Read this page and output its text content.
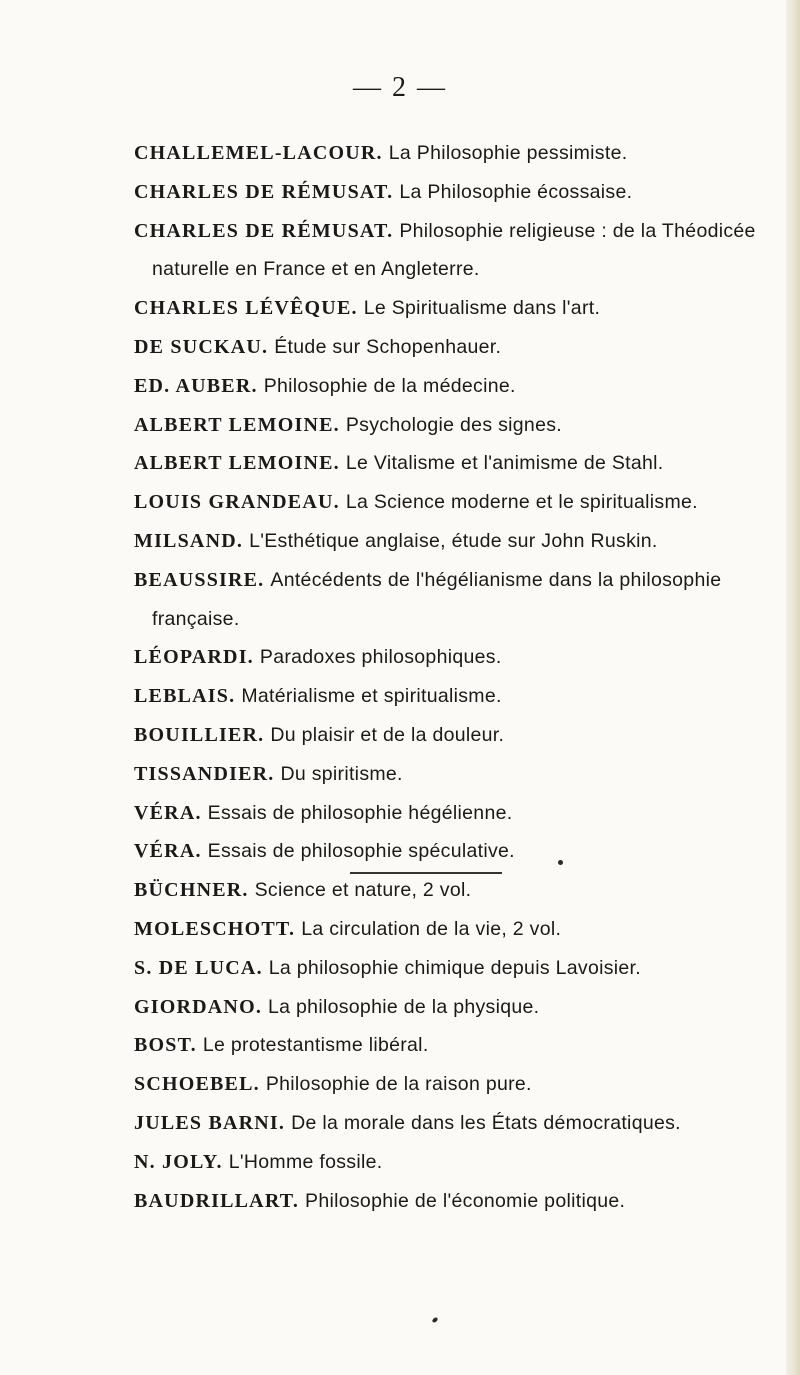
— 2 —
CHALLEMEL-LACOUR. La Philosophie pessimiste.
CHARLES DE RÉMUSAT. La Philosophie écossaise.
CHARLES DE RÉMUSAT. Philosophie religieuse : de la Théodicée naturelle en France et en Angleterre.
CHARLES LÉVÊQUE. Le Spiritualisme dans l'art.
DE SUCKAU. Étude sur Schopenhauer.
ED. AUBER. Philosophie de la médecine.
ALBERT LEMOINE. Psychologie des signes.
ALBERT LEMOINE. Le Vitalisme et l'animisme de Stahl.
LOUIS GRANDEAU. La Science moderne et le spiritualisme.
MILSAND. L'Esthétique anglaise, étude sur John Ruskin.
BEAUSSIRE. Antécédents de l'hégélianisme dans la philosophie française.
LÉOPARDI. Paradoxes philosophiques.
LEBLAIS. Matérialisme et spiritualisme.
BOUILLIER. Du plaisir et de la douleur.
TISSANDIER. Du spiritisme.
VÉRA. Essais de philosophie hégélienne.
VÉRA. Essais de philosophie spéculative.
BÜCHNER. Science et nature, 2 vol.
MOLESCHOTT. La circulation de la vie, 2 vol.
S. DE LUCA. La philosophie chimique depuis Lavoisier.
GIORDANO. La philosophie de la physique.
BOST. Le protestantisme libéral.
SCHOEBEL. Philosophie de la raison pure.
JULES BARNI. De la morale dans les États démocratiques.
N. JOLY. L'Homme fossile.
BAUDRILLART. Philosophie de l'économie politique.
